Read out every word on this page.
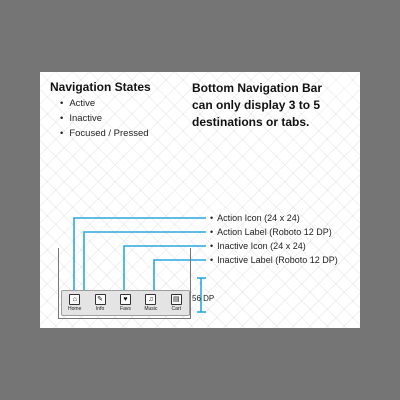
Navigation States
• Active
• Inactive
• Focused / Pressed

Bottom Navigation Bar can only display 3 to 5 destinations or tabs.

• Action Icon (24 x 24)
• Action Label (Roboto 12 DP)
• Inactive Icon (24 x 24)
• Inactive Label (Roboto 12 DP)
⌂
Home
✎
Info
♥
Favs
♫
Music
▤
Cart
56 DP
